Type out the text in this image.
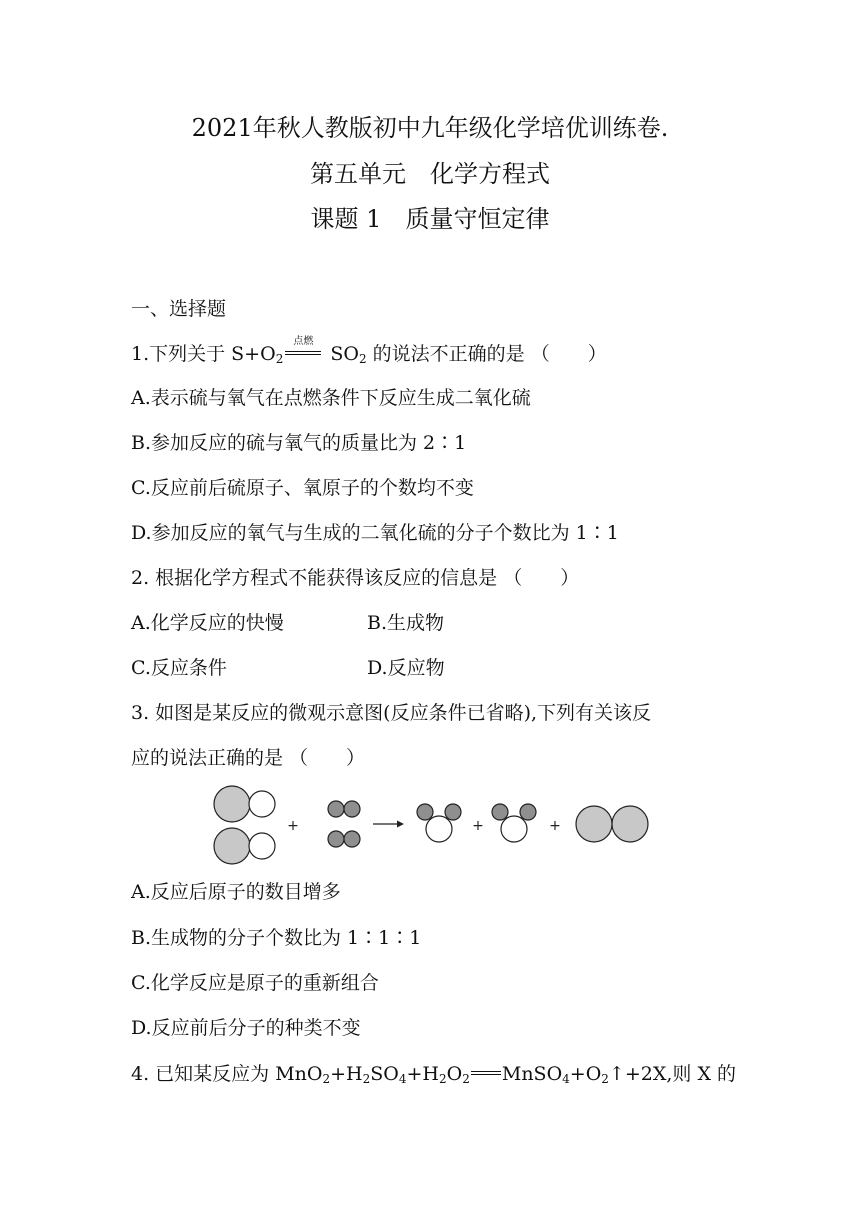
2021年秋人教版初中九年级化学培优训练卷.
第五单元　化学方程式
课题 1　质量守恒定律
一、选择题
1.下列关于 $S+O_2$
点燃
$SO_2$ 的说法不正确的是 （　　）
A.表示硫与氧气在点燃条件下反应生成二氧化硫
B.参加反应的硫与氧气的质量比为 2∶1
C.反应前后硫原子、氧原子的个数均不变
D.参加反应的氧气与生成的二氧化硫的分子个数比为 1∶1
2. 根据化学方程式不能获得该反应的信息是 （　　）
A.化学反应的快慢	B.生成物
C.反应条件	D.反应物
3. 如图是某反应的微观示意图(反应条件已省略),下列有关该反
应的说法正确的是 （　　）
+	+	+
A.反应后原子的数目增多
B.生成物的分子个数比为 1∶1∶1
C.化学反应是原子的重新组合
D.反应前后分子的种类不变
4. 已知某反应为 $MnO_2+H_2SO_4+H_2O_2$ $MnSO_4+O_2↑+2X$,则 X 的
